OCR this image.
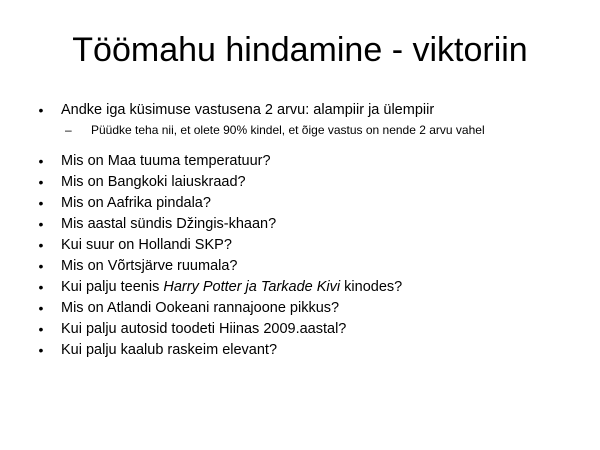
Töömahu hindamine - viktoriin
• Andke iga küsimuse vastusena 2 arvu: alampiir ja ülempiir
– Püüdke teha nii, et olete 90% kindel, et õige vastus on nende 2 arvu vahel
• Mis on Maa tuuma temperatuur?
• Mis on Bangkoki laiuskraad?
• Mis on Aafrika pindala?
• Mis aastal sündis Džingis-khaan?
• Kui suur on Hollandi SKP?
• Mis on Võrtsjärve ruumala?
• Kui palju teenis Harry Potter ja Tarkade Kivi kinodes?
• Mis on Atlandi Ookeani rannajoone pikkus?
• Kui palju autosid toodeti Hiinas 2009.aastal?
• Kui palju kaalub raskeim elevant?
